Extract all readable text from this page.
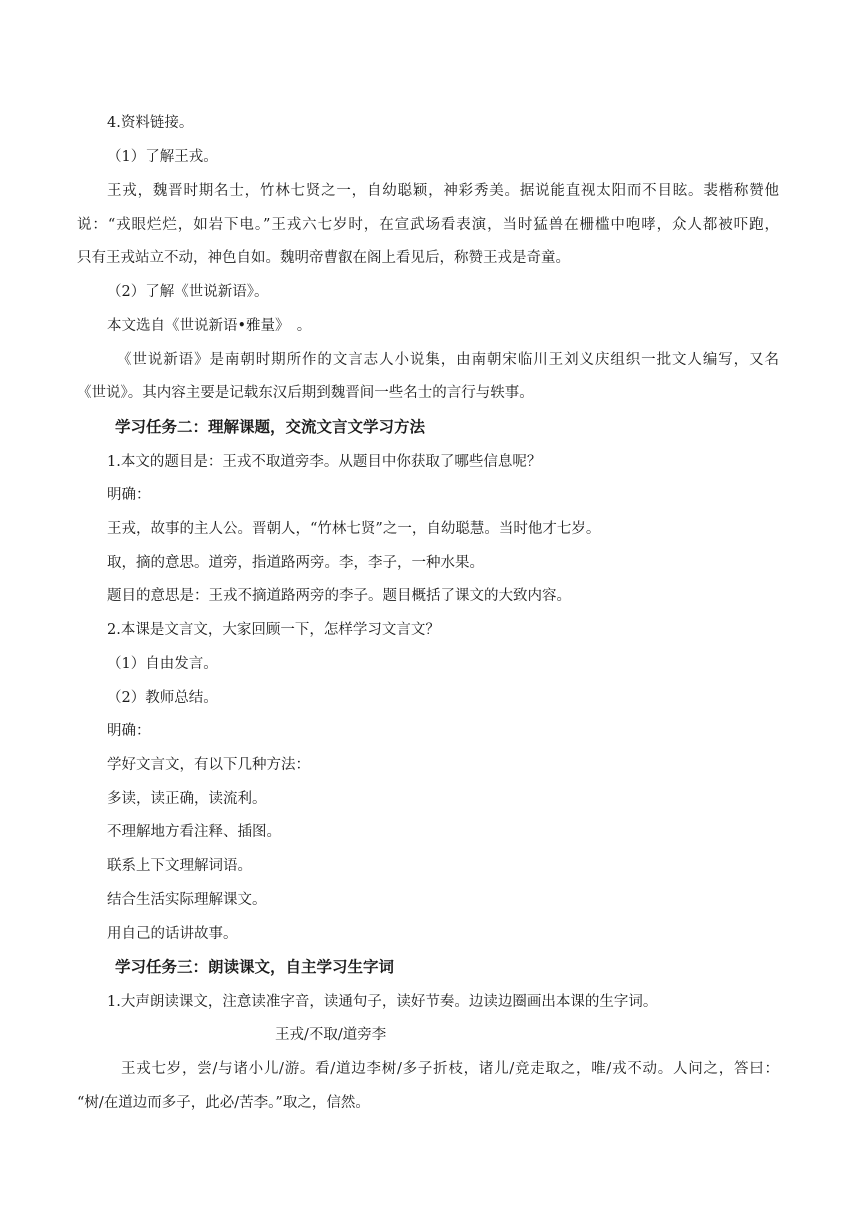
4.资料链接。
（1）了解王戎。
王戎，魏晋时期名士，竹林七贤之一，自幼聪颖，神彩秀美。据说能直视太阳而不目眩。裴楷称赞他
说：“戎眼烂烂，如岩下电。”王戎六七岁时，在宣武场看表演，当时猛兽在栅槛中咆哮，众人都被吓跑，
只有王戎站立不动，神色自如。魏明帝曹叡在阁上看见后，称赞王戎是奇童。
（2）了解《世说新语》。
本文选自《世说新语•雅量》　。
《世说新语》是南朝时期所作的文言志人小说集，由南朝宋临川王刘义庆组织一批文人编写，又名
《世说》。其内容主要是记载东汉后期到魏晋间一些名士的言行与轶事。
学习任务二：理解课题，交流文言文学习方法
1.本文的题目是：王戎不取道旁李。从题目中你获取了哪些信息呢？
明确：
王戎，故事的主人公。晋朝人，“竹林七贤”之一，自幼聪慧。当时他才七岁。
取，摘的意思。道旁，指道路两旁。李，李子，一种水果。
题目的意思是：王戎不摘道路两旁的李子。题目概括了课文的大致内容。
2.本课是文言文，大家回顾一下，怎样学习文言文？
（1）自由发言。
（2）教师总结。
明确：
学好文言文，有以下几种方法：
多读，读正确，读流利。
不理解地方看注释、插图。
联系上下文理解词语。
结合生活实际理解课文。
用自己的话讲故事。
学习任务三：朗读课文，自主学习生字词
1.大声朗读课文，注意读准字音，读通句子，读好节奏。边读边圈画出本课的生字词。
王戎/不取/道旁李
王戎七岁，尝/与诸小儿/游。看/道边李树/多子折枝，诸儿/竞走取之，唯/戎不动。人问之，答曰：
“树/在道边而多子，此必/苦李。”取之，信然。
